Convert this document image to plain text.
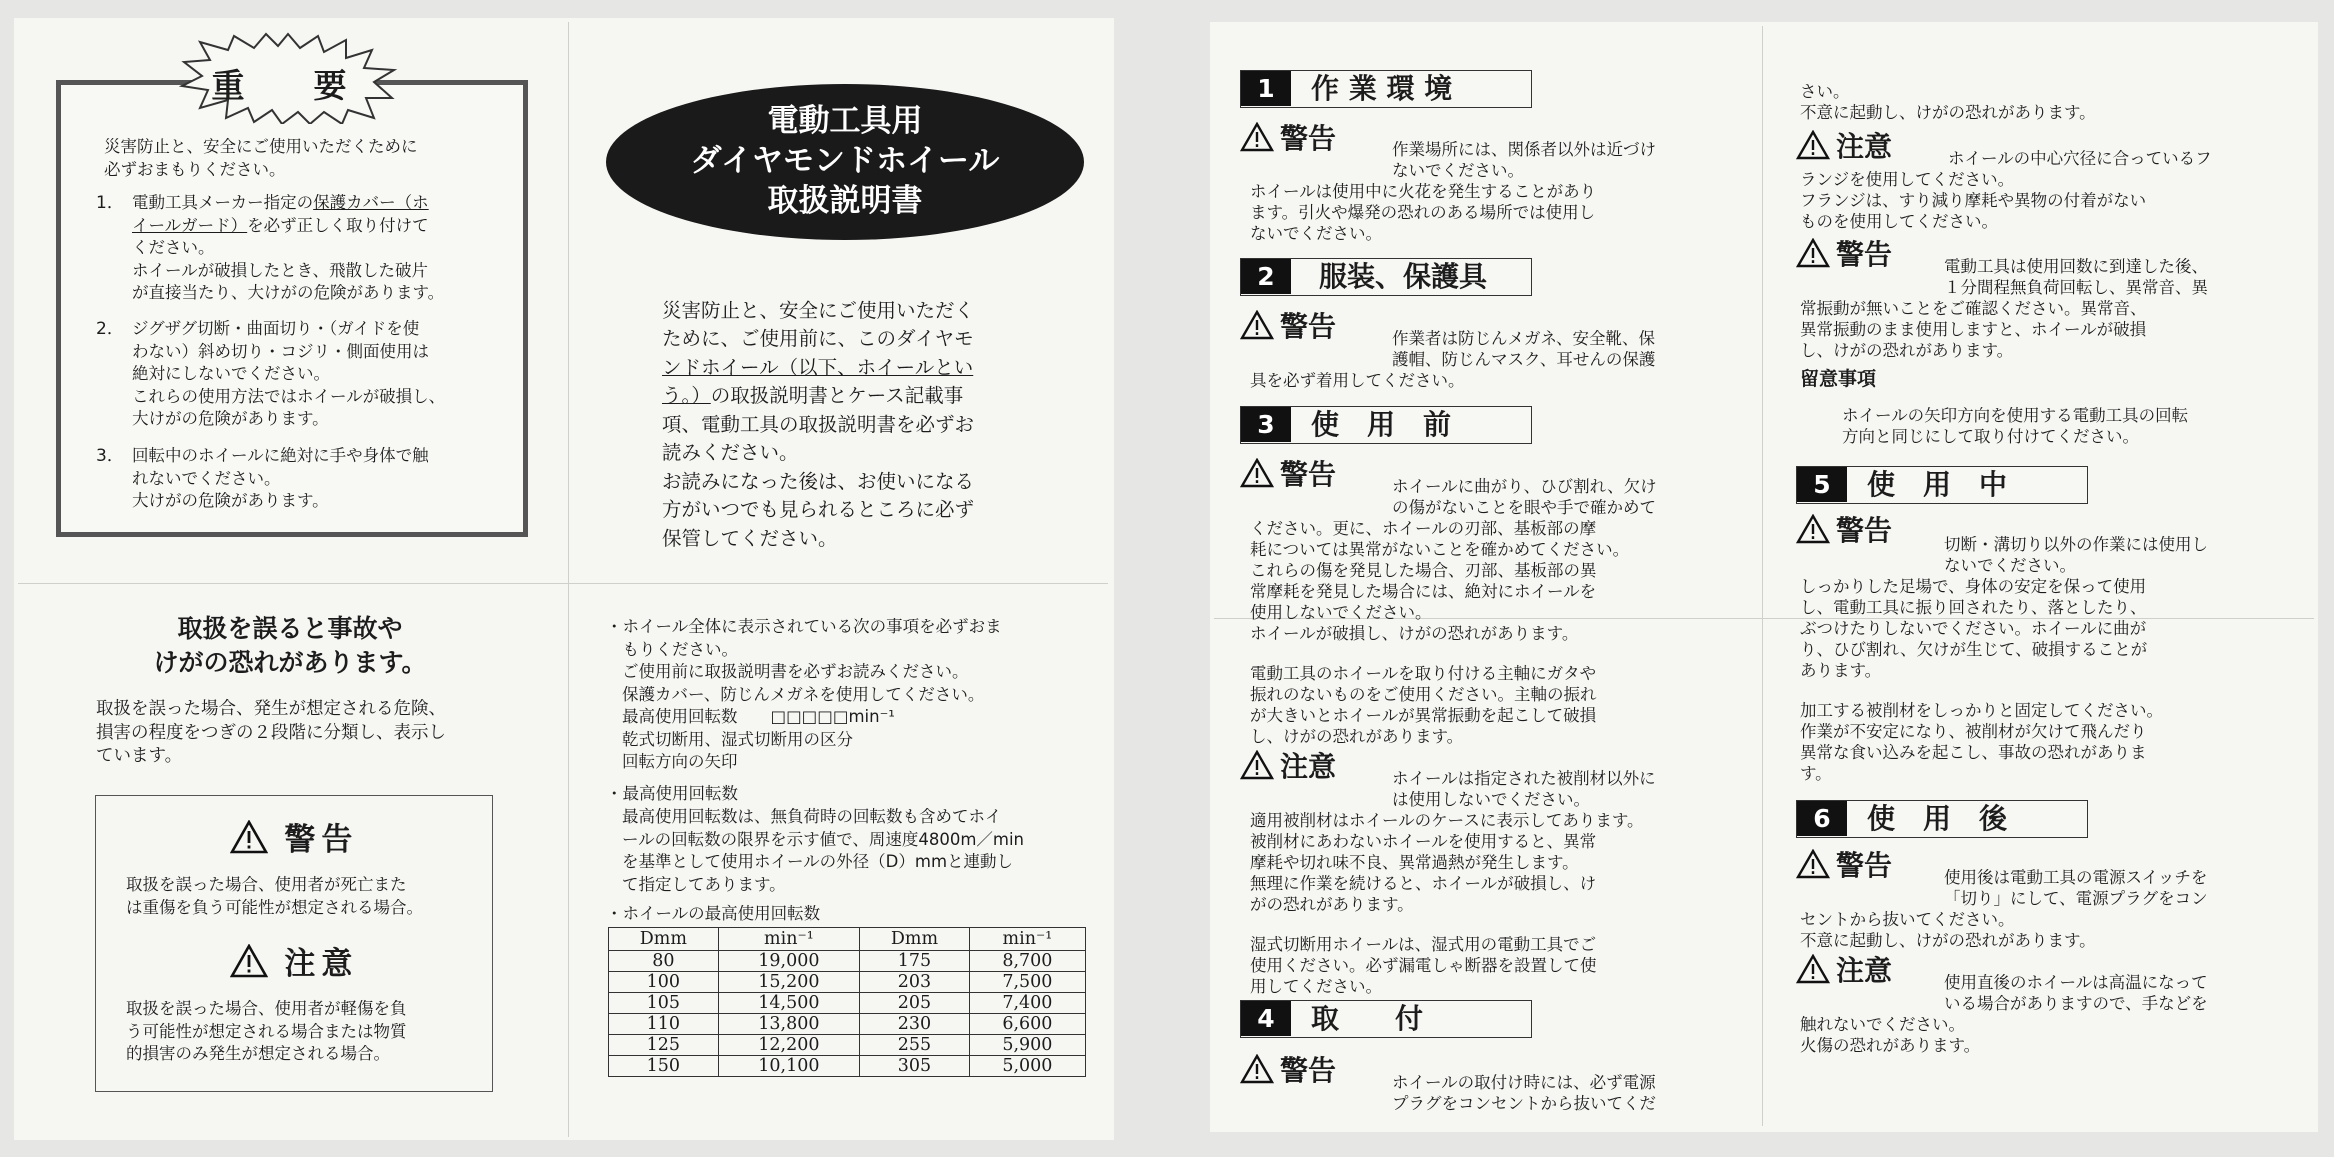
重　要

災害防止と、安全にご使用いただくために
必ずおまもりください。

1． 電動工具メーカー指定の保護カバー（ホ
イールガード）を必ず正しく取り付けて
ください。
ホイールが破損したとき、飛散した破片
が直接当たり、大けがの危険があります。

2． ジグザグ切断・曲面切り・（ガイドを使
わない）斜め切り・コジリ・側面使用は
絶対にしないでください。
これらの使用方法ではホイールが破損し、
大けがの危険があります。

3． 回転中のホイールに絶対に手や身体で触
れないでください。
大けがの危険があります。

電動工具用
ダイヤモンドホイール
取扱説明書

災害防止と、安全にご使用いただく
ために、ご使用前に、このダイヤモ
ンドホイール（以下、ホイールとい
う。）の取扱説明書とケース記載事
項、電動工具の取扱説明書を必ずお
読みください。
お読みになった後は、お使いになる
方がいつでも見られるところに必ず
保管してください。

取扱を誤ると事故や
けがの恐れがあります。

取扱を誤った場合、発生が想定される危険、
損害の程度をつぎの２段階に分類し、表示し
ています。

警告

取扱を誤った場合、使用者が死亡また
は重傷を負う可能性が想定される場合。

注意

取扱を誤った場合、使用者が軽傷を負
う可能性が想定される場合または物質
的損害のみ発生が想定される場合。

・ホイール全体に表示されている次の事項を必ずおま
　もりください。

ご使用前に取扱説明書を必ずお読みください。
保護カバー、防じんメガネを使用してください。
最高使用回転数　　□□□□□min⁻¹
乾式切断用、湿式切断用の区分
回転方向の矢印

・最高使用回転数

最高使用回転数は、無負荷時の回転数も含めてホイ
ールの回転数の限界を示す値で、周速度4800m／min
を基準として使用ホイールの外径（D）mmと連動し
て指定してあります。

・ホイールの最高使用回転数

Dmm	min⁻¹	Dmm	min⁻¹
80	19,000	175	8,700
100	15,200	203	7,500
105	14,500	205	7,400
110	13,800	230	6,600
125	12,200	255	5,900
150	10,100	305	5,000
1	作 業 環 境
警告	作業場所には、関係者以外は近づけ
ないでください。

ホイールは使用中に火花を発生することがあり
ます。引火や爆発の恐れのある場所では使用し
ないでください。

2	服装、保護具
警告	作業者は防じんメガネ、安全靴、保
護帽、防じんマスク、耳せんの保護

具を必ず着用してください。

3	使　用　前
警告	ホイールに曲がり、ひび割れ、欠け
の傷がないことを眼や手で確かめて

ください。更に、ホイールの刃部、基板部の摩
耗については異常がないことを確かめてください。
これらの傷を発見した場合、刃部、基板部の異
常摩耗を発見した場合には、絶対にホイールを
使用しないでください。
ホイールが破損し、けがの恐れがあります。

電動工具のホイールを取り付ける主軸にガタや
振れのないものをご使用ください。主軸の振れ
が大きいとホイールが異常振動を起こして破損
し、けがの恐れがあります。

注意	ホイールは指定された被削材以外に
は使用しないでください。

適用被削材はホイールのケースに表示してあります。
被削材にあわないホイールを使用すると、異常
摩耗や切れ味不良、異常過熱が発生します。
無理に作業を続けると、ホイールが破損し、け
がの恐れがあります。

湿式切断用ホイールは、湿式用の電動工具でご
使用ください。必ず漏電しゃ断器を設置して使
用してください。

4	取　　付
警告	ホイールの取付け時には、必ず電源
プラグをコンセントから抜いてくだ

さい。
不意に起動し、けがの恐れがあります。

注意	ホイールの中心穴径に合っているフ
ランジを使用してください。
フランジは、すり減り摩耗や異物の付着がない
ものを使用してください。

警告	電動工具は使用回数に到達した後、
１分間程無負荷回転し、異常音、異

常振動が無いことをご確認ください。異常音、
異常振動のまま使用しますと、ホイールが破損
し、けがの恐れがあります。

留意事項

ホイールの矢印方向を使用する電動工具の回転
方向と同じにして取り付けてください。

5	使　用　中
警告	切断・溝切り以外の作業には使用し
ないでください。

しっかりした足場で、身体の安定を保って使用
し、電動工具に振り回されたり、落としたり、
ぶつけたりしないでください。ホイールに曲が
り、ひび割れ、欠けが生じて、破損することが
あります。

加工する被削材をしっかりと固定してください。
作業が不安定になり、被削材が欠けて飛んだり
異常な食い込みを起こし、事故の恐れがありま
す。

6	使　用　後
警告	使用後は電動工具の電源スイッチを
「切り」にして、電源プラグをコン

セントから抜いてください。
不意に起動し、けがの恐れがあります。

注意	使用直後のホイールは高温になって
いる場合がありますので、手などを

触れないでください。
火傷の恐れがあります。
